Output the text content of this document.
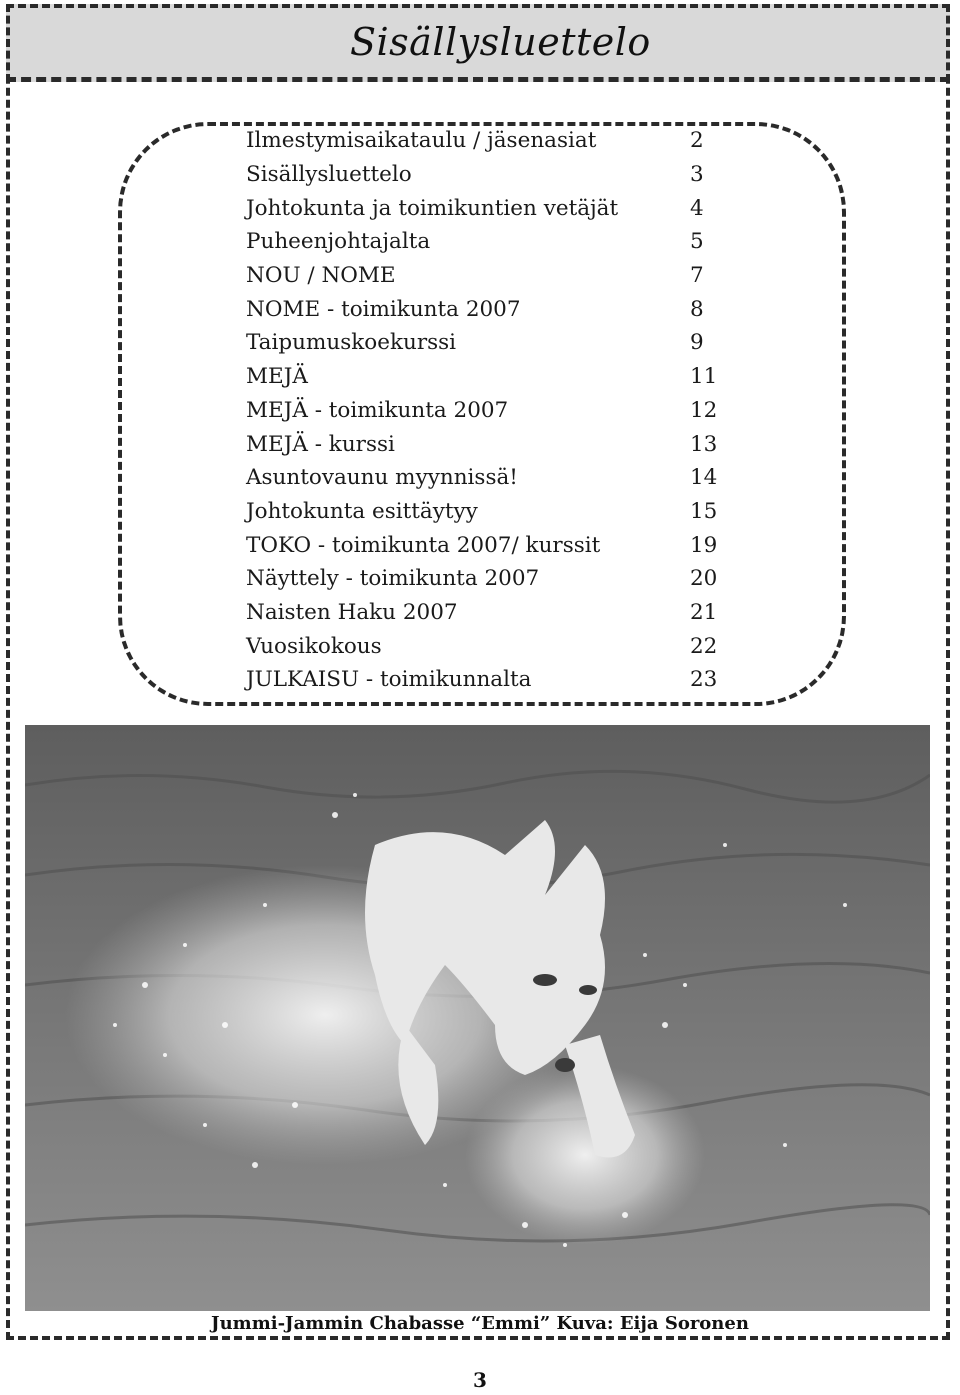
Sisällysluettelo
Ilmestymisaikataulu / jäsenasiat	2
Sisällysluettelo	3
Johtokunta ja toimikuntien vetäjät	4
Puheenjohtajalta	5
NOU / NOME	7
NOME - toimikunta 2007	8
Taipumuskoekurssi	9
MEJÄ	11
MEJÄ - toimikunta 2007	12
MEJÄ - kurssi	13
Asuntovaunu myynnissä!	14
Johtokunta esittäytyy	15
TOKO - toimikunta 2007/ kurssit	19
Näyttely - toimikunta 2007	20
Naisten Haku 2007	21
Vuosikokous	22
JULKAISU - toimikunnalta	23
Jummi-Jammin Chabasse “Emmi” Kuva: Eija Soronen
3
